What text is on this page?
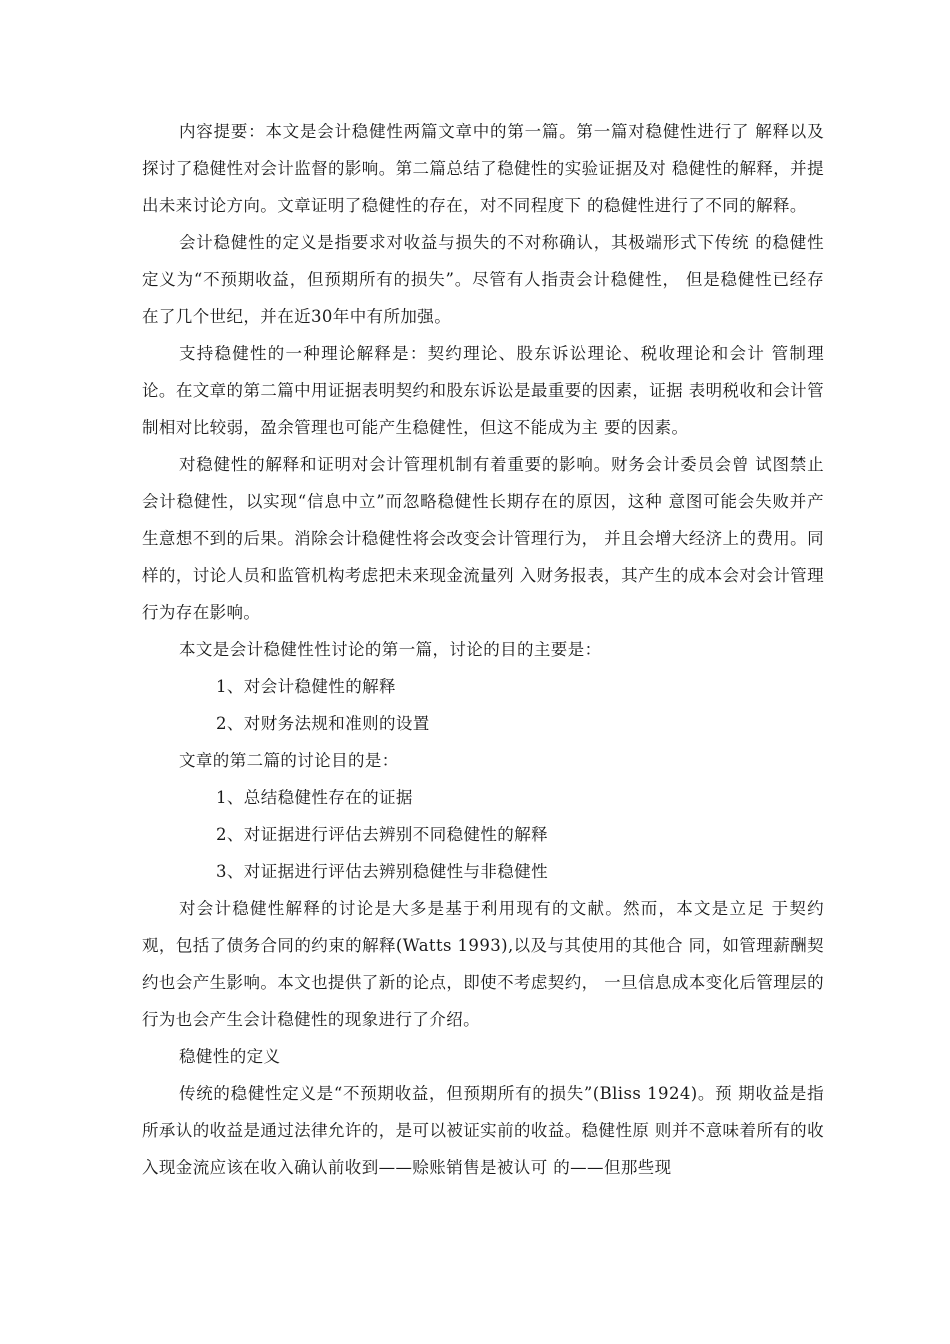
内容提要：本文是会计稳健性两篇文章中的第一篇。第一篇对稳健性进行了 解释以及探讨了稳健性对会计监督的影响。第二篇总结了稳健性的实验证据及对 稳健性的解释，并提出未来讨论方向。文章证明了稳健性的存在，对不同程度下 的稳健性进行了不同的解释。

会计稳健性的定义是指要求对收益与损失的不对称确认，其极端形式下传统 的稳健性定义为“不预期收益，但预期所有的损失”。尽管有人指责会计稳健性， 但是稳健性已经存在了几个世纪，并在近30年中有所加强。

支持稳健性的一种理论解释是：契约理论、股东诉讼理论、税收理论和会计 管制理论。在文章的第二篇中用证据表明契约和股东诉讼是最重要的因素，证据 表明税收和会计管制相对比较弱，盈余管理也可能产生稳健性，但这不能成为主 要的因素。

对稳健性的解释和证明对会计管理机制有着重要的影响。财务会计委员会曾 试图禁止会计稳健性，以实现“信息中立”而忽略稳健性长期存在的原因，这种 意图可能会失败并产生意想不到的后果。消除会计稳健性将会改变会计管理行为， 并且会增大经济上的费用。同样的，讨论人员和监管机构考虑把未来现金流量列 入财务报表，其产生的成本会对会计管理行为存在影响。

本文是会计稳健性性讨论的第一篇，讨论的目的主要是：

1、对会计稳健性的解释

2、对财务法规和准则的设置

文章的第二篇的讨论目的是：

1、总结稳健性存在的证据

2、对证据进行评估去辨别不同稳健性的解释

3、对证据进行评估去辨别稳健性与非稳健性

对会计稳健性解释的讨论是大多是基于利用现有的文献。然而，本文是立足 于契约观，包括了债务合同的约束的解释(Watts 1993),以及与其使用的其他合 同，如管理薪酬契约也会产生影响。本文也提供了新的论点，即使不考虑契约， 一旦信息成本变化后管理层的行为也会产生会计稳健性的现象进行了介绍。

稳健性的定义

传统的稳健性定义是“不预期收益，但预期所有的损失”(Bliss 1924)。预 期收益是指所承认的收益是通过法律允许的，是可以被证实前的收益。稳健性原 则并不意味着所有的收入现金流应该在收入确认前收到——赊账销售是被认可 的——但那些现
